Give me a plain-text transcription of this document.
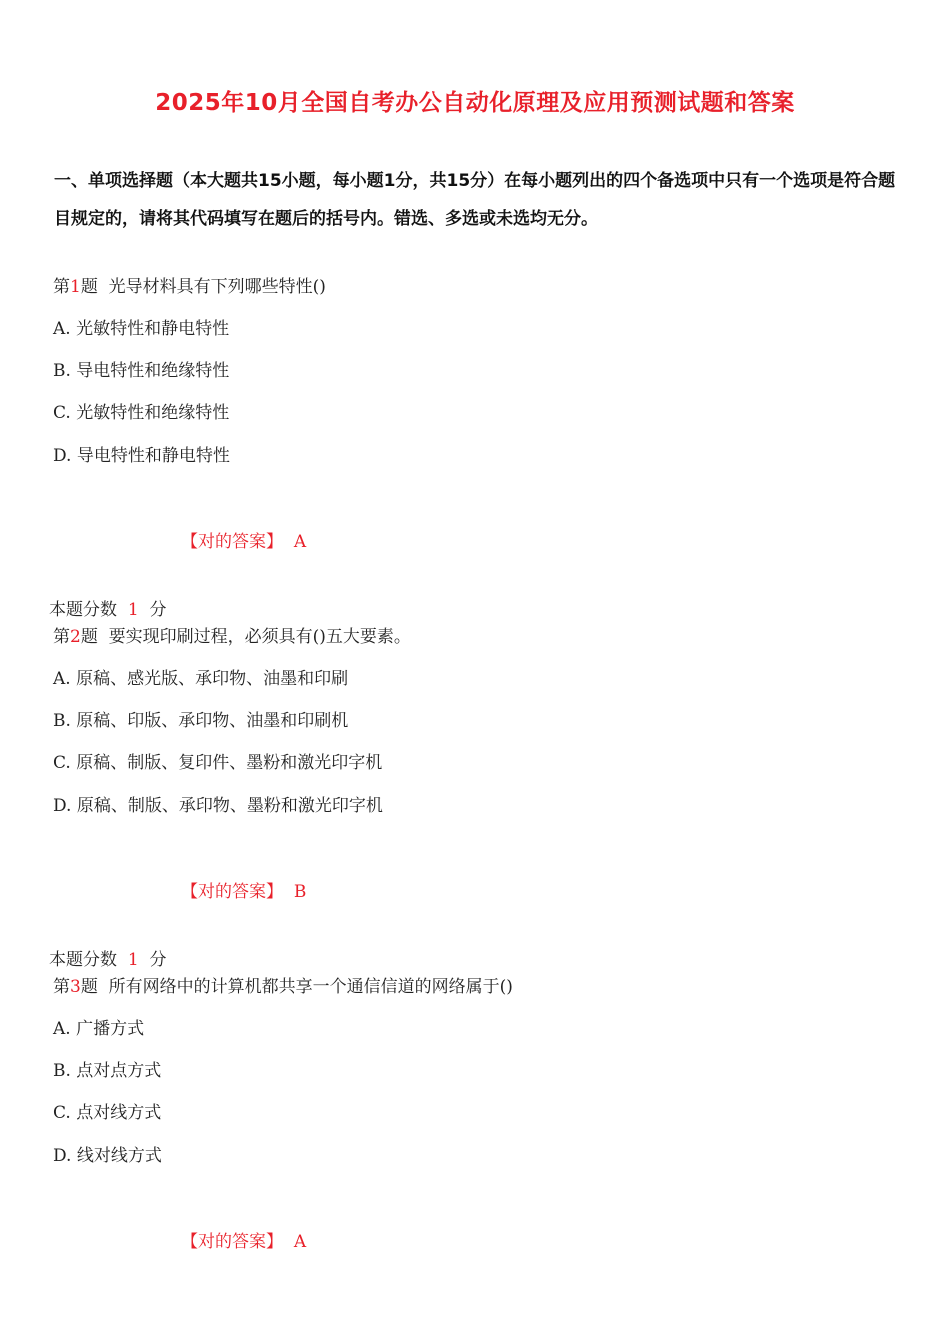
2025年10月全国自考办公自动化原理及应用预测试题和答案
一、单项选择题（本大题共15小题，每小题1分，共15分）在每小题列出的四个备选项中只有一个选项是符合题目规定的，请将其代码填写在题后的括号内。错选、多选或未选均无分。
第1题 光导材料具有下列哪些特性()
A. 光敏特性和静电特性
B. 导电特性和绝缘特性
C. 光敏特性和绝缘特性
D. 导电特性和静电特性
【对的答案】 A
本题分数 1 分
第2题 要实现印刷过程，必须具有()五大要素。
A. 原稿、感光版、承印物、油墨和印刷
B. 原稿、印版、承印物、油墨和印刷机
C. 原稿、制版、复印件、墨粉和激光印字机
D. 原稿、制版、承印物、墨粉和激光印字机
【对的答案】 B
本题分数 1 分
第3题 所有网络中的计算机都共享一个通信信道的网络属于()
A. 广播方式
B. 点对点方式
C. 点对线方式
D. 线对线方式
【对的答案】 A
